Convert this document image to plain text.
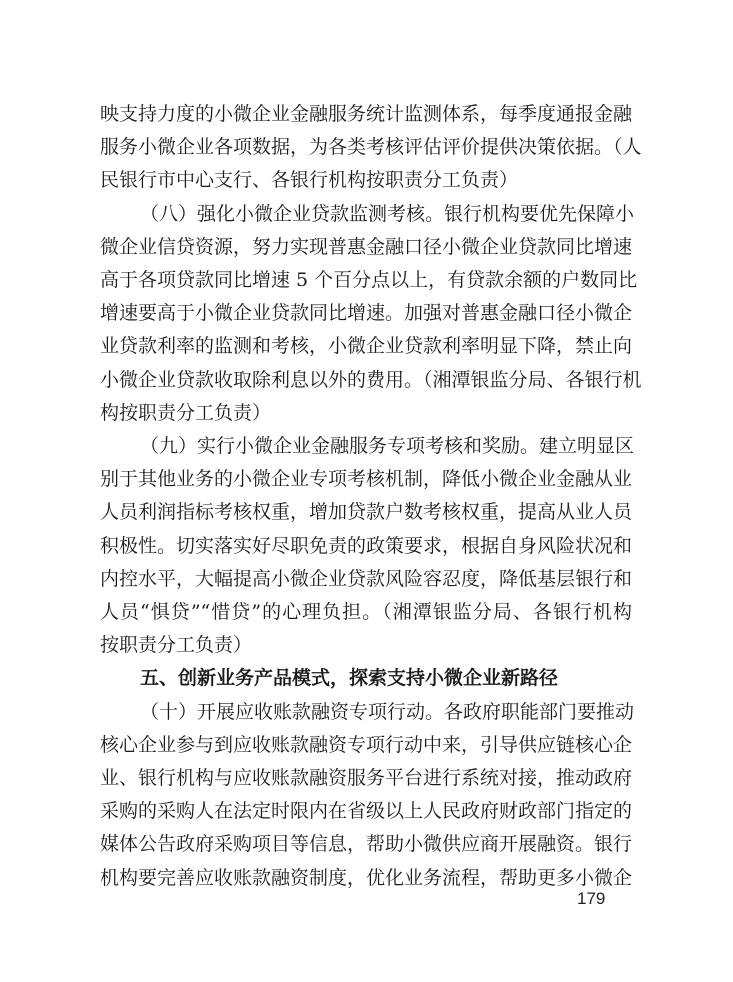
映支持力度的小微企业金融服务统计监测体系，每季度通报金融
服务小微企业各项数据，为各类考核评估评价提供决策依据。（人
民银行市中心支行、各银行机构按职责分工负责）
（八）强化小微企业贷款监测考核。银行机构要优先保障小
微企业信贷资源，努力实现普惠金融口径小微企业贷款同比增速
高于各项贷款同比增速 5 个百分点以上，有贷款余额的户数同比
增速要高于小微企业贷款同比增速。加强对普惠金融口径小微企
业贷款利率的监测和考核，小微企业贷款利率明显下降，禁止向
小微企业贷款收取除利息以外的费用。（湘潭银监分局、各银行机
构按职责分工负责）
（九）实行小微企业金融服务专项考核和奖励。建立明显区
别于其他业务的小微企业专项考核机制，降低小微企业金融从业
人员利润指标考核权重，增加贷款户数考核权重，提高从业人员
积极性。切实落实好尽职免责的政策要求，根据自身风险状况和
内控水平，大幅提高小微企业贷款风险容忍度，降低基层银行和
人员“惧贷”“惜贷”的心理负担。（湘潭银监分局、各银行机构
按职责分工负责）
五、创新业务产品模式，探索支持小微企业新路径
（十）开展应收账款融资专项行动。各政府职能部门要推动
核心企业参与到应收账款融资专项行动中来，引导供应链核心企
业、银行机构与应收账款融资服务平台进行系统对接，推动政府
采购的采购人在法定时限内在省级以上人民政府财政部门指定的
媒体公告政府采购项目等信息，帮助小微供应商开展融资。银行
机构要完善应收账款融资制度，优化业务流程，帮助更多小微企
179
